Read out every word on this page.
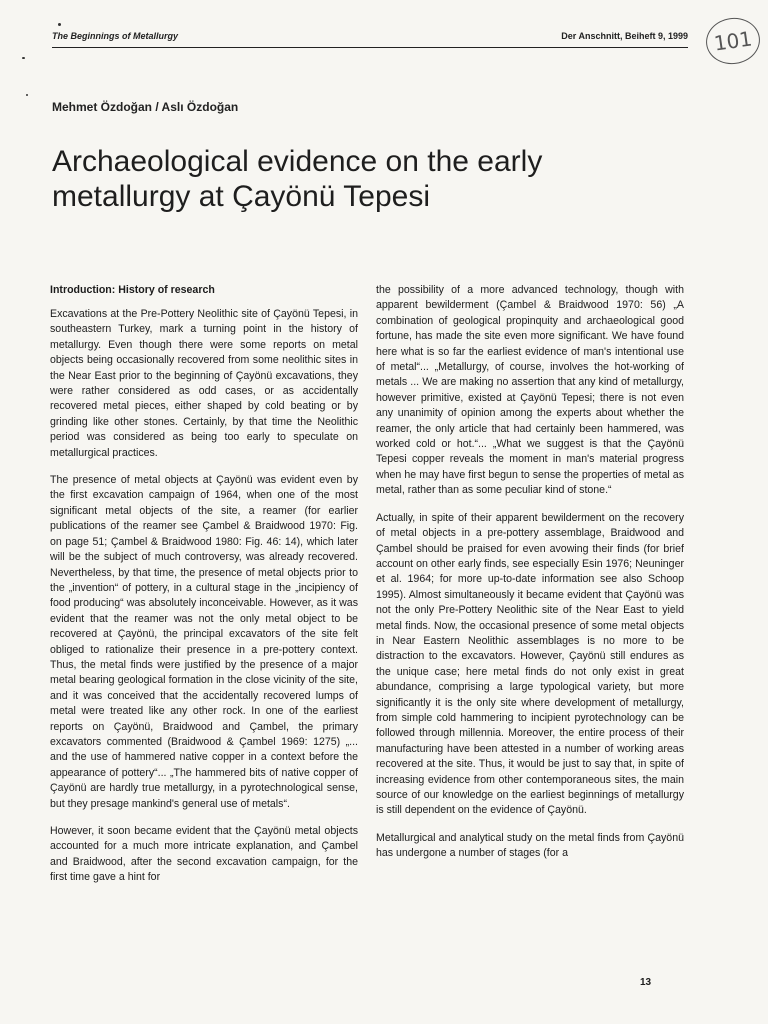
The Beginnings of Metallurgy	Der Anschnitt, Beiheft 9, 1999	101
Mehmet Özdoğan / Aslı Özdoğan
Archaeological evidence on the early metallurgy at Çayönü Tepesi
Introduction: History of research

Excavations at the Pre-Pottery Neolithic site of Çayönü Tepesi, in southeastern Turkey, mark a turning point in the history of metallurgy. Even though there were some reports on metal objects being occasionally recovered from some neolithic sites in the Near East prior to the beginning of Çayönü excavations, they were rather considered as odd cases, or as accidentally recovered metal pieces, either shaped by cold beating or by grinding like other stones. Certainly, by that time the Neolithic period was considered as being too early to speculate on metallurgical practices.

The presence of metal objects at Çayönü was evident even by the first excavation campaign of 1964, when one of the most significant metal objects of the site, a reamer (for earlier publications of the reamer see Çambel & Braidwood 1970: Fig. on page 51; Çambel & Braidwood 1980: Fig. 46: 14), which later will be the subject of much controversy, was already recovered. Nevertheless, by that time, the presence of metal objects prior to the „invention“ of pottery, in a cultural stage in the „incipiency of food producing“ was absolutely inconceivable. However, as it was evident that the reamer was not the only metal object to be recovered at Çayönü, the principal excavators of the site felt obliged to rationalize their presence in a pre-pottery context. Thus, the metal finds were justified by the presence of a major metal bearing geological formation in the close vicinity of the site, and it was conceived that the accidentally recovered lumps of metal were treated like any other rock. In one of the earliest reports on Çayönü, Braidwood and Çambel, the primary excavators commented (Braidwood & Çambel 1969: 1275) „... and the use of hammered native copper in a context before the appearance of pottery“... „The hammered bits of native copper of Çayönü are hardly true metallurgy, in a pyrotechnological sense, but they presage mankind's general use of metals“.

However, it soon became evident that the Çayönü metal objects accounted for a much more intricate explanation, and Çambel and Braidwood, after the second excavation campaign, for the first time gave a hint for

the possibility of a more advanced technology, though with apparent bewilderment (Çambel & Braidwood 1970: 56) „A combination of geological propinquity and archaeological good fortune, has made the site even more significant. We have found here what is so far the earliest evidence of man's intentional use of metal“... „Metallurgy, of course, involves the hot-working of metals ... We are making no assertion that any kind of metallurgy, however primitive, existed at Çayönü Tepesi; there is not even any unanimity of opinion among the experts about whether the reamer, the only article that had certainly been hammered, was worked cold or hot.“... „What we suggest is that the Çayönü Tepesi copper reveals the moment in man's material progress when he may have first begun to sense the properties of metal as metal, rather than as some peculiar kind of stone.“

Actually, in spite of their apparent bewilderment on the recovery of metal objects in a pre-pottery assemblage, Braidwood and Çambel should be praised for even avowing their finds (for brief account on other early finds, see especially Esin 1976; Neuninger et al. 1964; for more up-to-date information see also Schoop 1995). Almost simultaneously it became evident that Çayönü was not the only Pre-Pottery Neolithic site of the Near East to yield metal finds. Now, the occasional presence of some metal objects in Near Eastern Neolithic assemblages is no more to be distraction to the excavators. However, Çayönü still endures as the unique case; here metal finds do not only exist in great abundance, comprising a large typological variety, but more significantly it is the only site where development of metallurgy, from simple cold hammering to incipient pyrotechnology can be followed through millennia. Moreover, the entire process of their manufacturing have been attested in a number of working areas recovered at the site. Thus, it would be just to say that, in spite of increasing evidence from other contemporaneous sites, the main source of our knowledge on the earliest beginnings of metallurgy is still dependent on the evidence of Çayönü.

Metallurgical and analytical study on the metal finds from Çayönü has undergone a number of stages (for a

13
